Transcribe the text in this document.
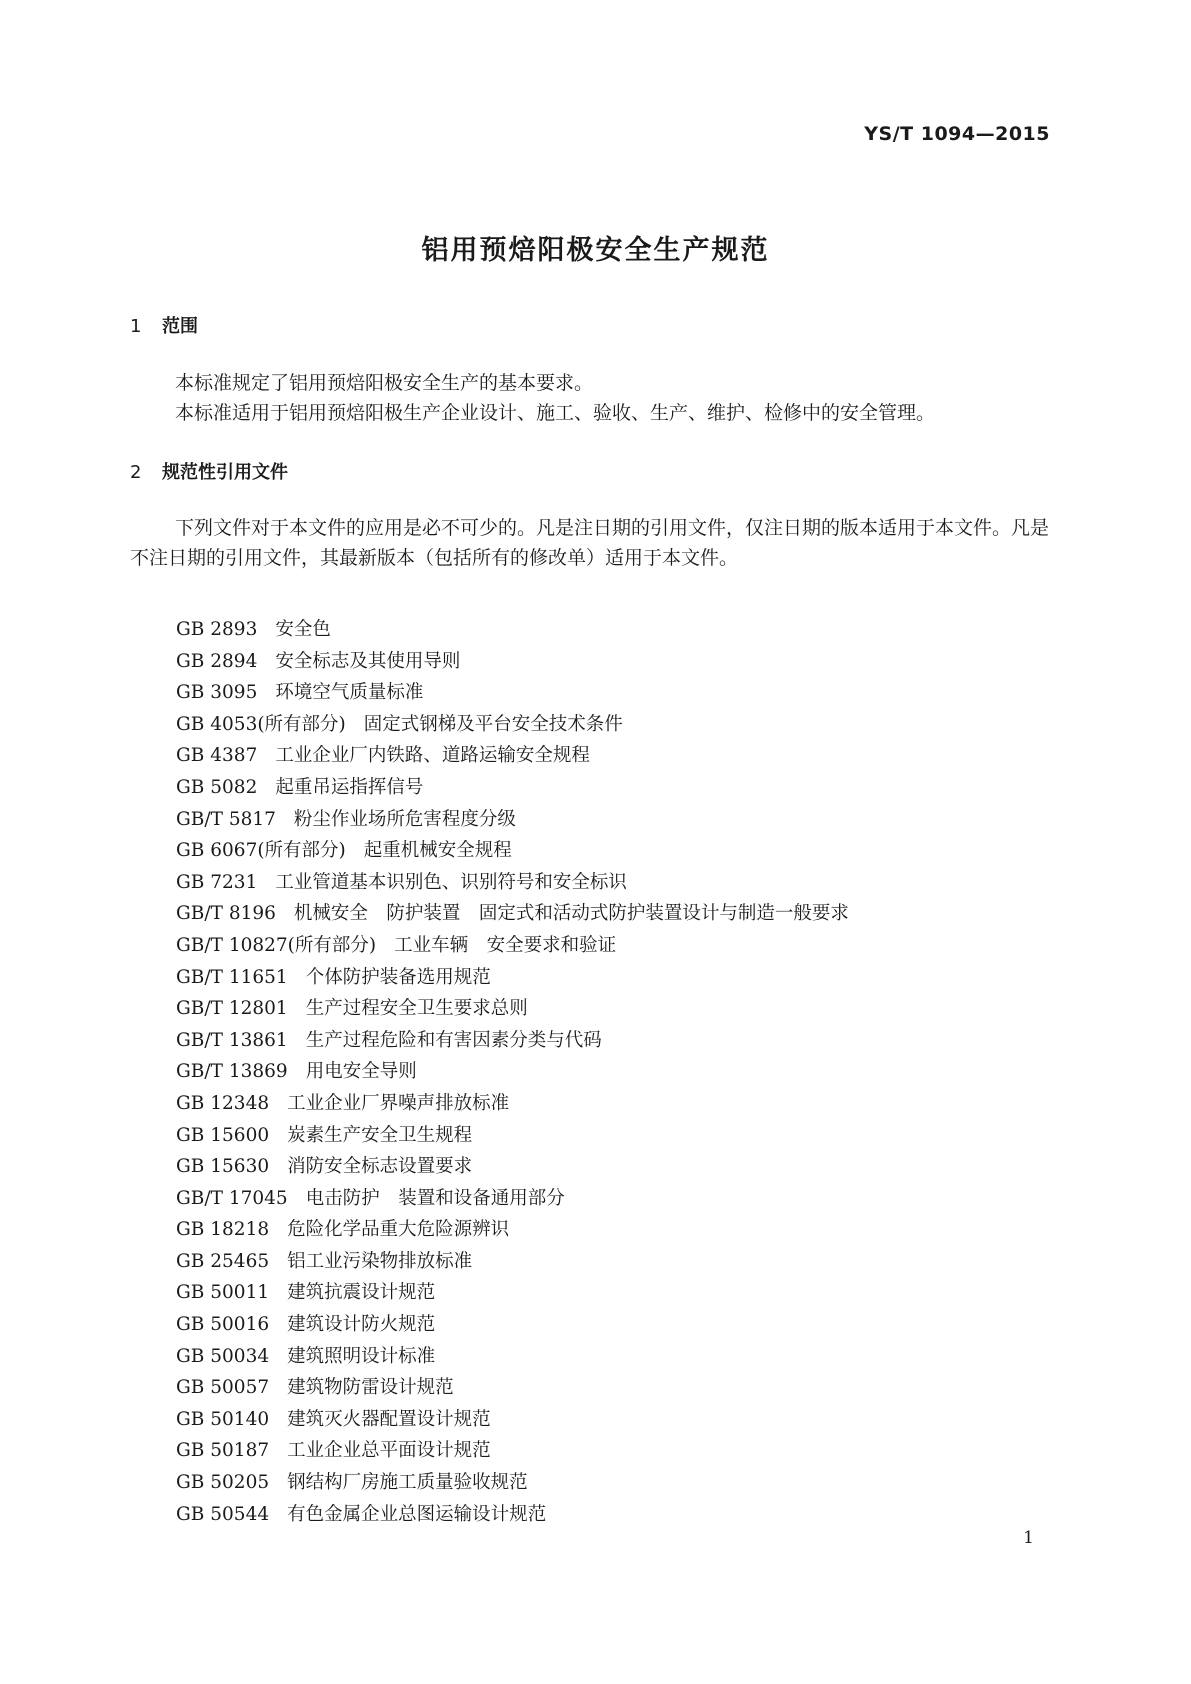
YS/T 1094—2015
铝用预焙阳极安全生产规范
1 范围

本标准规定了铝用预焙阳极安全生产的基本要求。

本标准适用于铝用预焙阳极生产企业设计、施工、验收、生产、维护、检修中的安全管理。

2 规范性引用文件

下列文件对于本文件的应用是必不可少的。凡是注日期的引用文件，仅注日期的版本适用于本文件。凡是不注日期的引用文件，其最新版本（包括所有的修改单）适用于本文件。

GB 2893 安全色
GB 2894 安全标志及其使用导则
GB 3095 环境空气质量标准
GB 4053(所有部分) 固定式钢梯及平台安全技术条件
GB 4387 工业企业厂内铁路、道路运输安全规程
GB 5082 起重吊运指挥信号
GB/T 5817 粉尘作业场所危害程度分级
GB 6067(所有部分) 起重机械安全规程
GB 7231 工业管道基本识别色、识别符号和安全标识
GB/T 8196 机械安全　防护装置　固定式和活动式防护装置设计与制造一般要求
GB/T 10827(所有部分) 工业车辆　安全要求和验证
GB/T 11651 个体防护装备选用规范
GB/T 12801 生产过程安全卫生要求总则
GB/T 13861 生产过程危险和有害因素分类与代码
GB/T 13869 用电安全导则
GB 12348 工业企业厂界噪声排放标准
GB 15600 炭素生产安全卫生规程
GB 15630 消防安全标志设置要求
GB/T 17045 电击防护　装置和设备通用部分
GB 18218 危险化学品重大危险源辨识
GB 25465 铝工业污染物排放标准
GB 50011 建筑抗震设计规范
GB 50016 建筑设计防火规范
GB 50034 建筑照明设计标准
GB 50057 建筑物防雷设计规范
GB 50140 建筑灭火器配置设计规范
GB 50187 工业企业总平面设计规范
GB 50205 钢结构厂房施工质量验收规范
GB 50544 有色金属企业总图运输设计规范
1
